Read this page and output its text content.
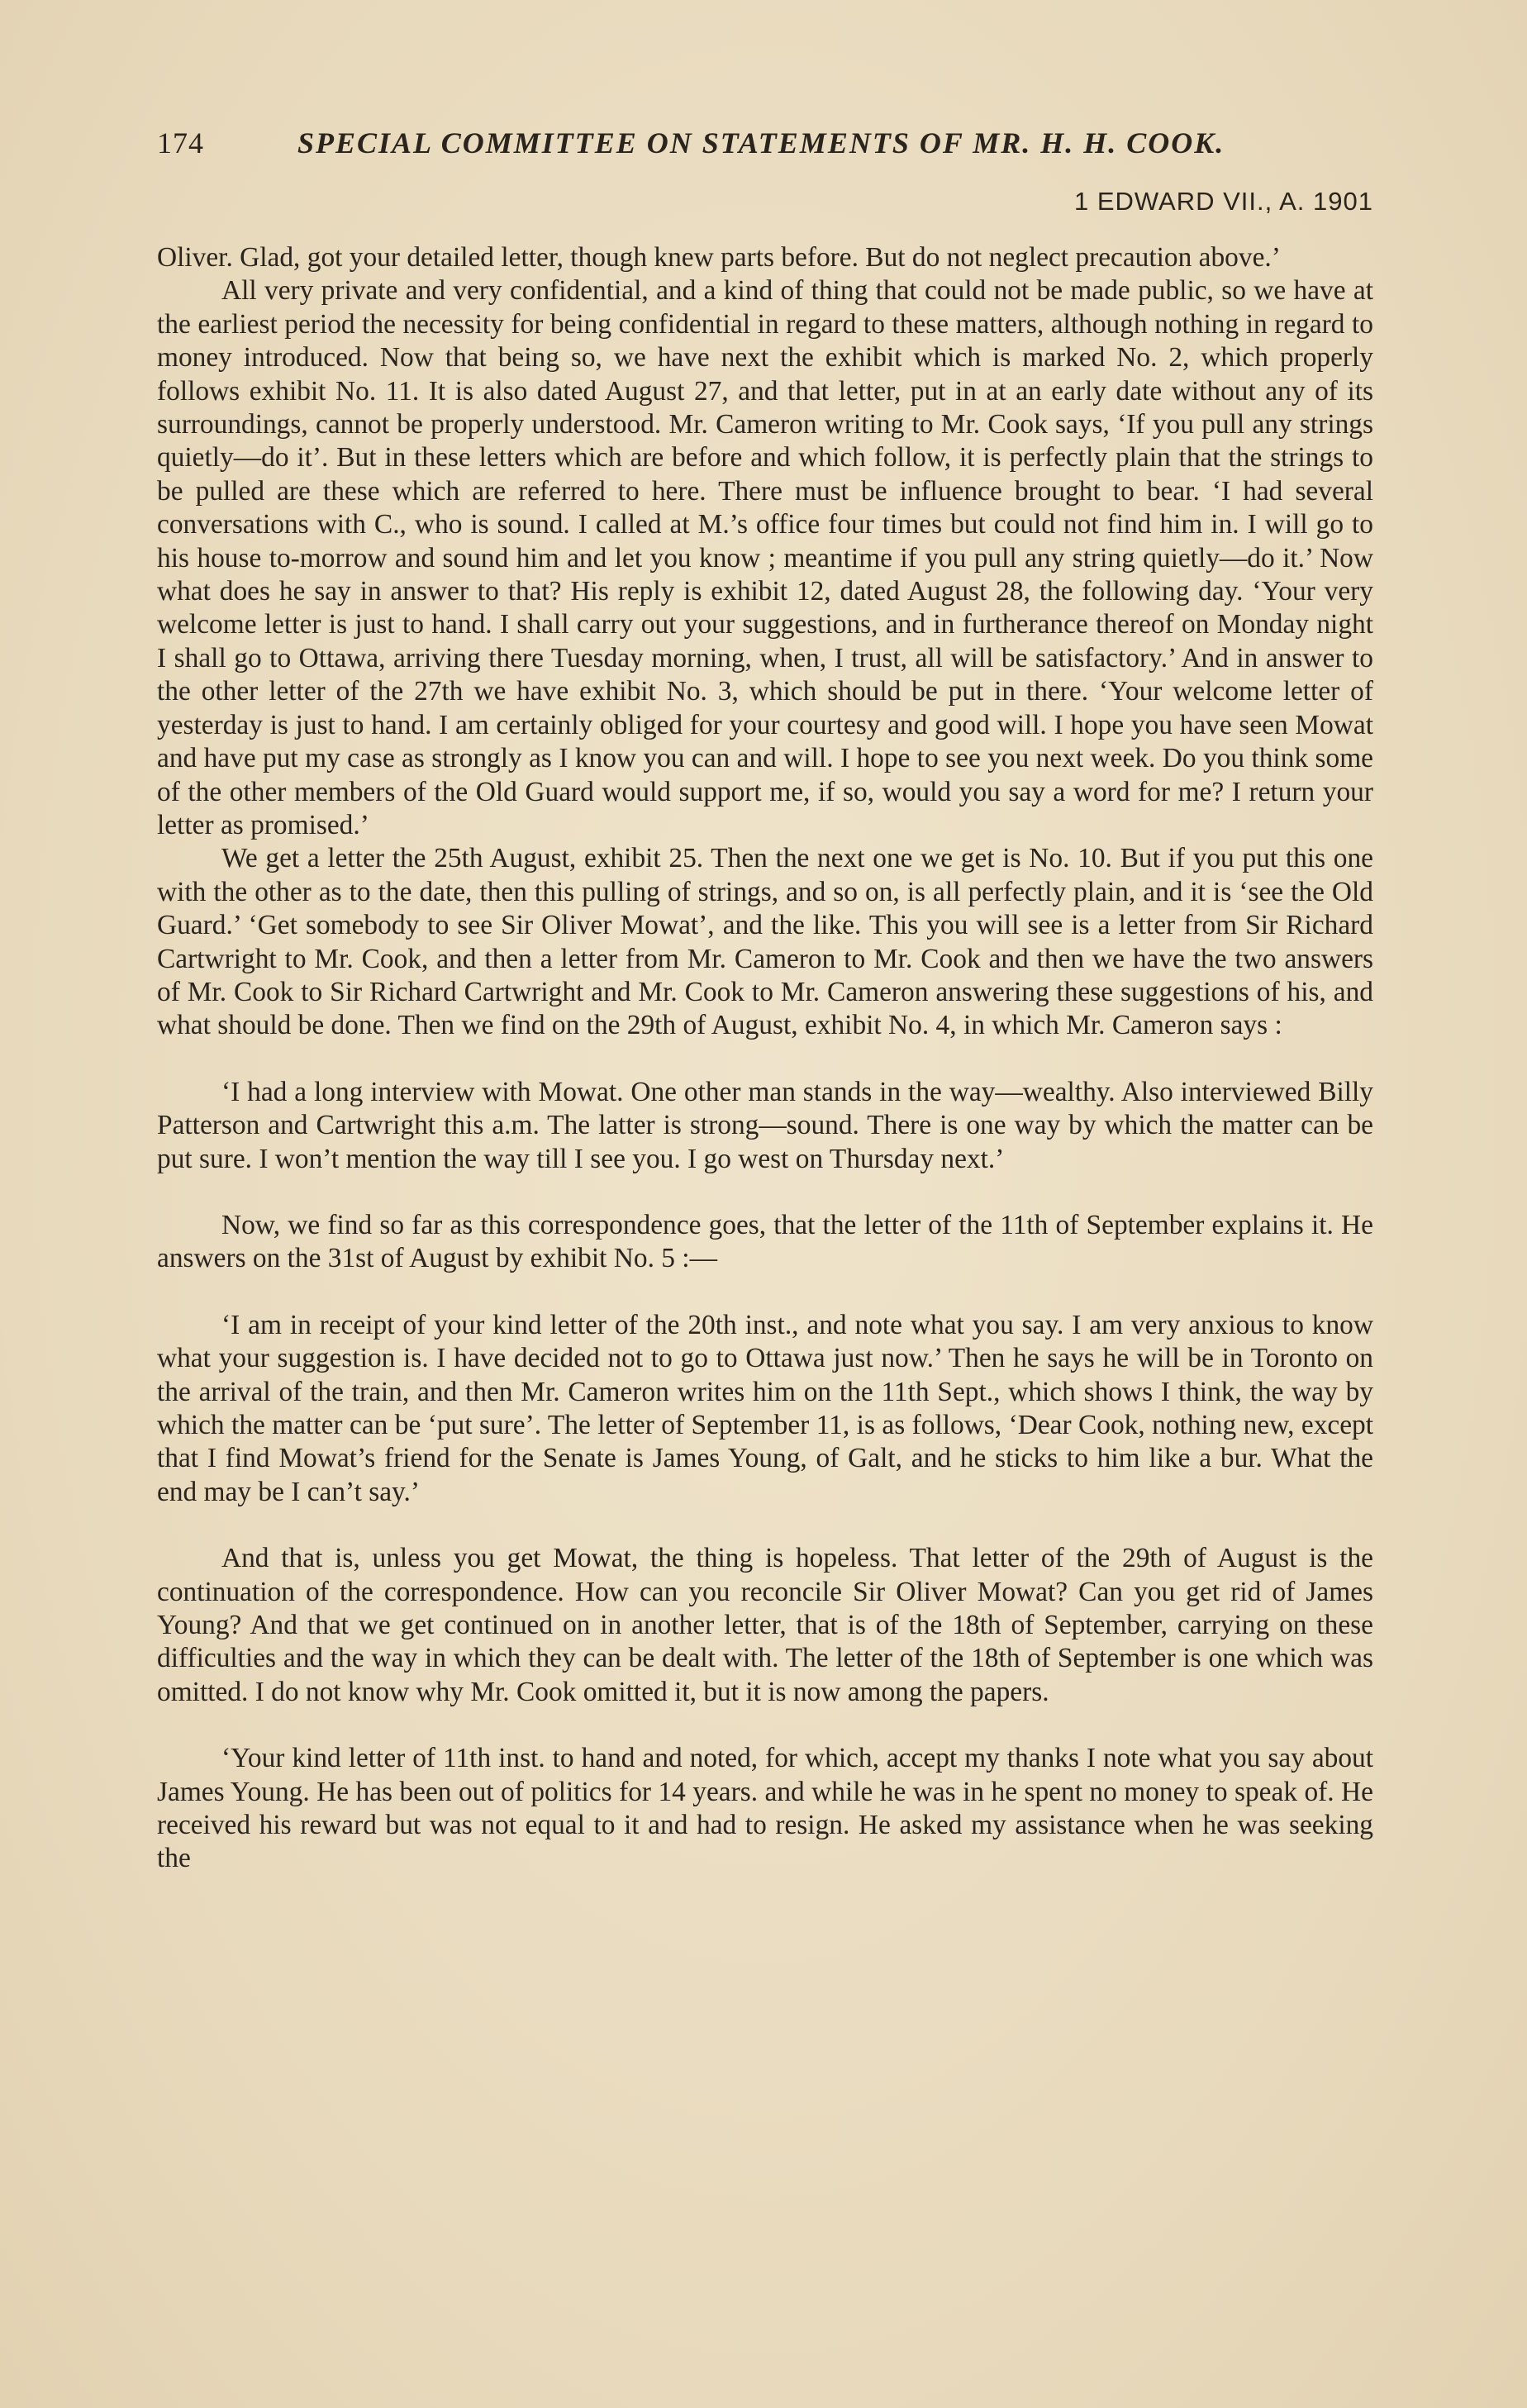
174	SPECIAL COMMITTEE ON STATEMENTS OF MR. H. H. COOK.
1 EDWARD VII., A. 1901

Oliver. Glad, got your detailed letter, though knew parts before. But do not neglect precaution above.’

All very private and very confidential, and a kind of thing that could not be made public, so we have at the earliest period the necessity for being confidential in regard to these matters, although nothing in regard to money introduced. Now that being so, we have next the exhibit which is marked No. 2, which properly follows exhibit No. 11. It is also dated August 27, and that letter, put in at an early date without any of its surroundings, cannot be properly understood. Mr. Cameron writing to Mr. Cook says, ‘If you pull any strings quietly—do it’. But in these letters which are before and which follow, it is perfectly plain that the strings to be pulled are these which are referred to here. There must be influence brought to bear. ‘I had several conversations with C., who is sound. I called at M.’s office four times but could not find him in. I will go to his house to-morrow and sound him and let you know ; meantime if you pull any string quietly—do it.’ Now what does he say in answer to that? His reply is exhibit 12, dated August 28, the following day. ‘Your very welcome letter is just to hand. I shall carry out your suggestions, and in furtherance thereof on Monday night I shall go to Ottawa, arriving there Tuesday morning, when, I trust, all will be satisfactory.’ And in answer to the other letter of the 27th we have exhibit No. 3, which should be put in there. ‘Your welcome letter of yesterday is just to hand. I am certainly obliged for your courtesy and good will. I hope you have seen Mowat and have put my case as strongly as I know you can and will. I hope to see you next week. Do you think some of the other members of the Old Guard would support me, if so, would you say a word for me? I return your letter as promised.’

We get a letter the 25th August, exhibit 25. Then the next one we get is No. 10. But if you put this one with the other as to the date, then this pulling of strings, and so on, is all perfectly plain, and it is ‘see the Old Guard.’ ‘Get somebody to see Sir Oliver Mowat’, and the like. This you will see is a letter from Sir Richard Cartwright to Mr. Cook, and then a letter from Mr. Cameron to Mr. Cook and then we have the two answers of Mr. Cook to Sir Richard Cartwright and Mr. Cook to Mr. Cameron answering these suggestions of his, and what should be done. Then we find on the 29th of August, exhibit No. 4, in which Mr. Cameron says :

‘I had a long interview with Mowat. One other man stands in the way—wealthy. Also interviewed Billy Patterson and Cartwright this a.m. The latter is strong—sound. There is one way by which the matter can be put sure. I won’t mention the way till I see you. I go west on Thursday next.’

Now, we find so far as this correspondence goes, that the letter of the 11th of September explains it. He answers on the 31st of August by exhibit No. 5 :—

‘I am in receipt of your kind letter of the 20th inst., and note what you say. I am very anxious to know what your suggestion is. I have decided not to go to Ottawa just now.’ Then he says he will be in Toronto on the arrival of the train, and then Mr. Cameron writes him on the 11th Sept., which shows I think, the way by which the matter can be ‘put sure’. The letter of September 11, is as follows, ‘Dear Cook, nothing new, except that I find Mowat’s friend for the Senate is James Young, of Galt, and he sticks to him like a bur. What the end may be I can’t say.’

And that is, unless you get Mowat, the thing is hopeless. That letter of the 29th of August is the continuation of the correspondence. How can you reconcile Sir Oliver Mowat? Can you get rid of James Young? And that we get continued on in another letter, that is of the 18th of September, carrying on these difficulties and the way in which they can be dealt with. The letter of the 18th of September is one which was omitted. I do not know why Mr. Cook omitted it, but it is now among the papers.

‘Your kind letter of 11th inst. to hand and noted, for which, accept my thanks I note what you say about James Young. He has been out of politics for 14 years. and while he was in he spent no money to speak of. He received his reward but was not equal to it and had to resign. He asked my assistance when he was seeking the
